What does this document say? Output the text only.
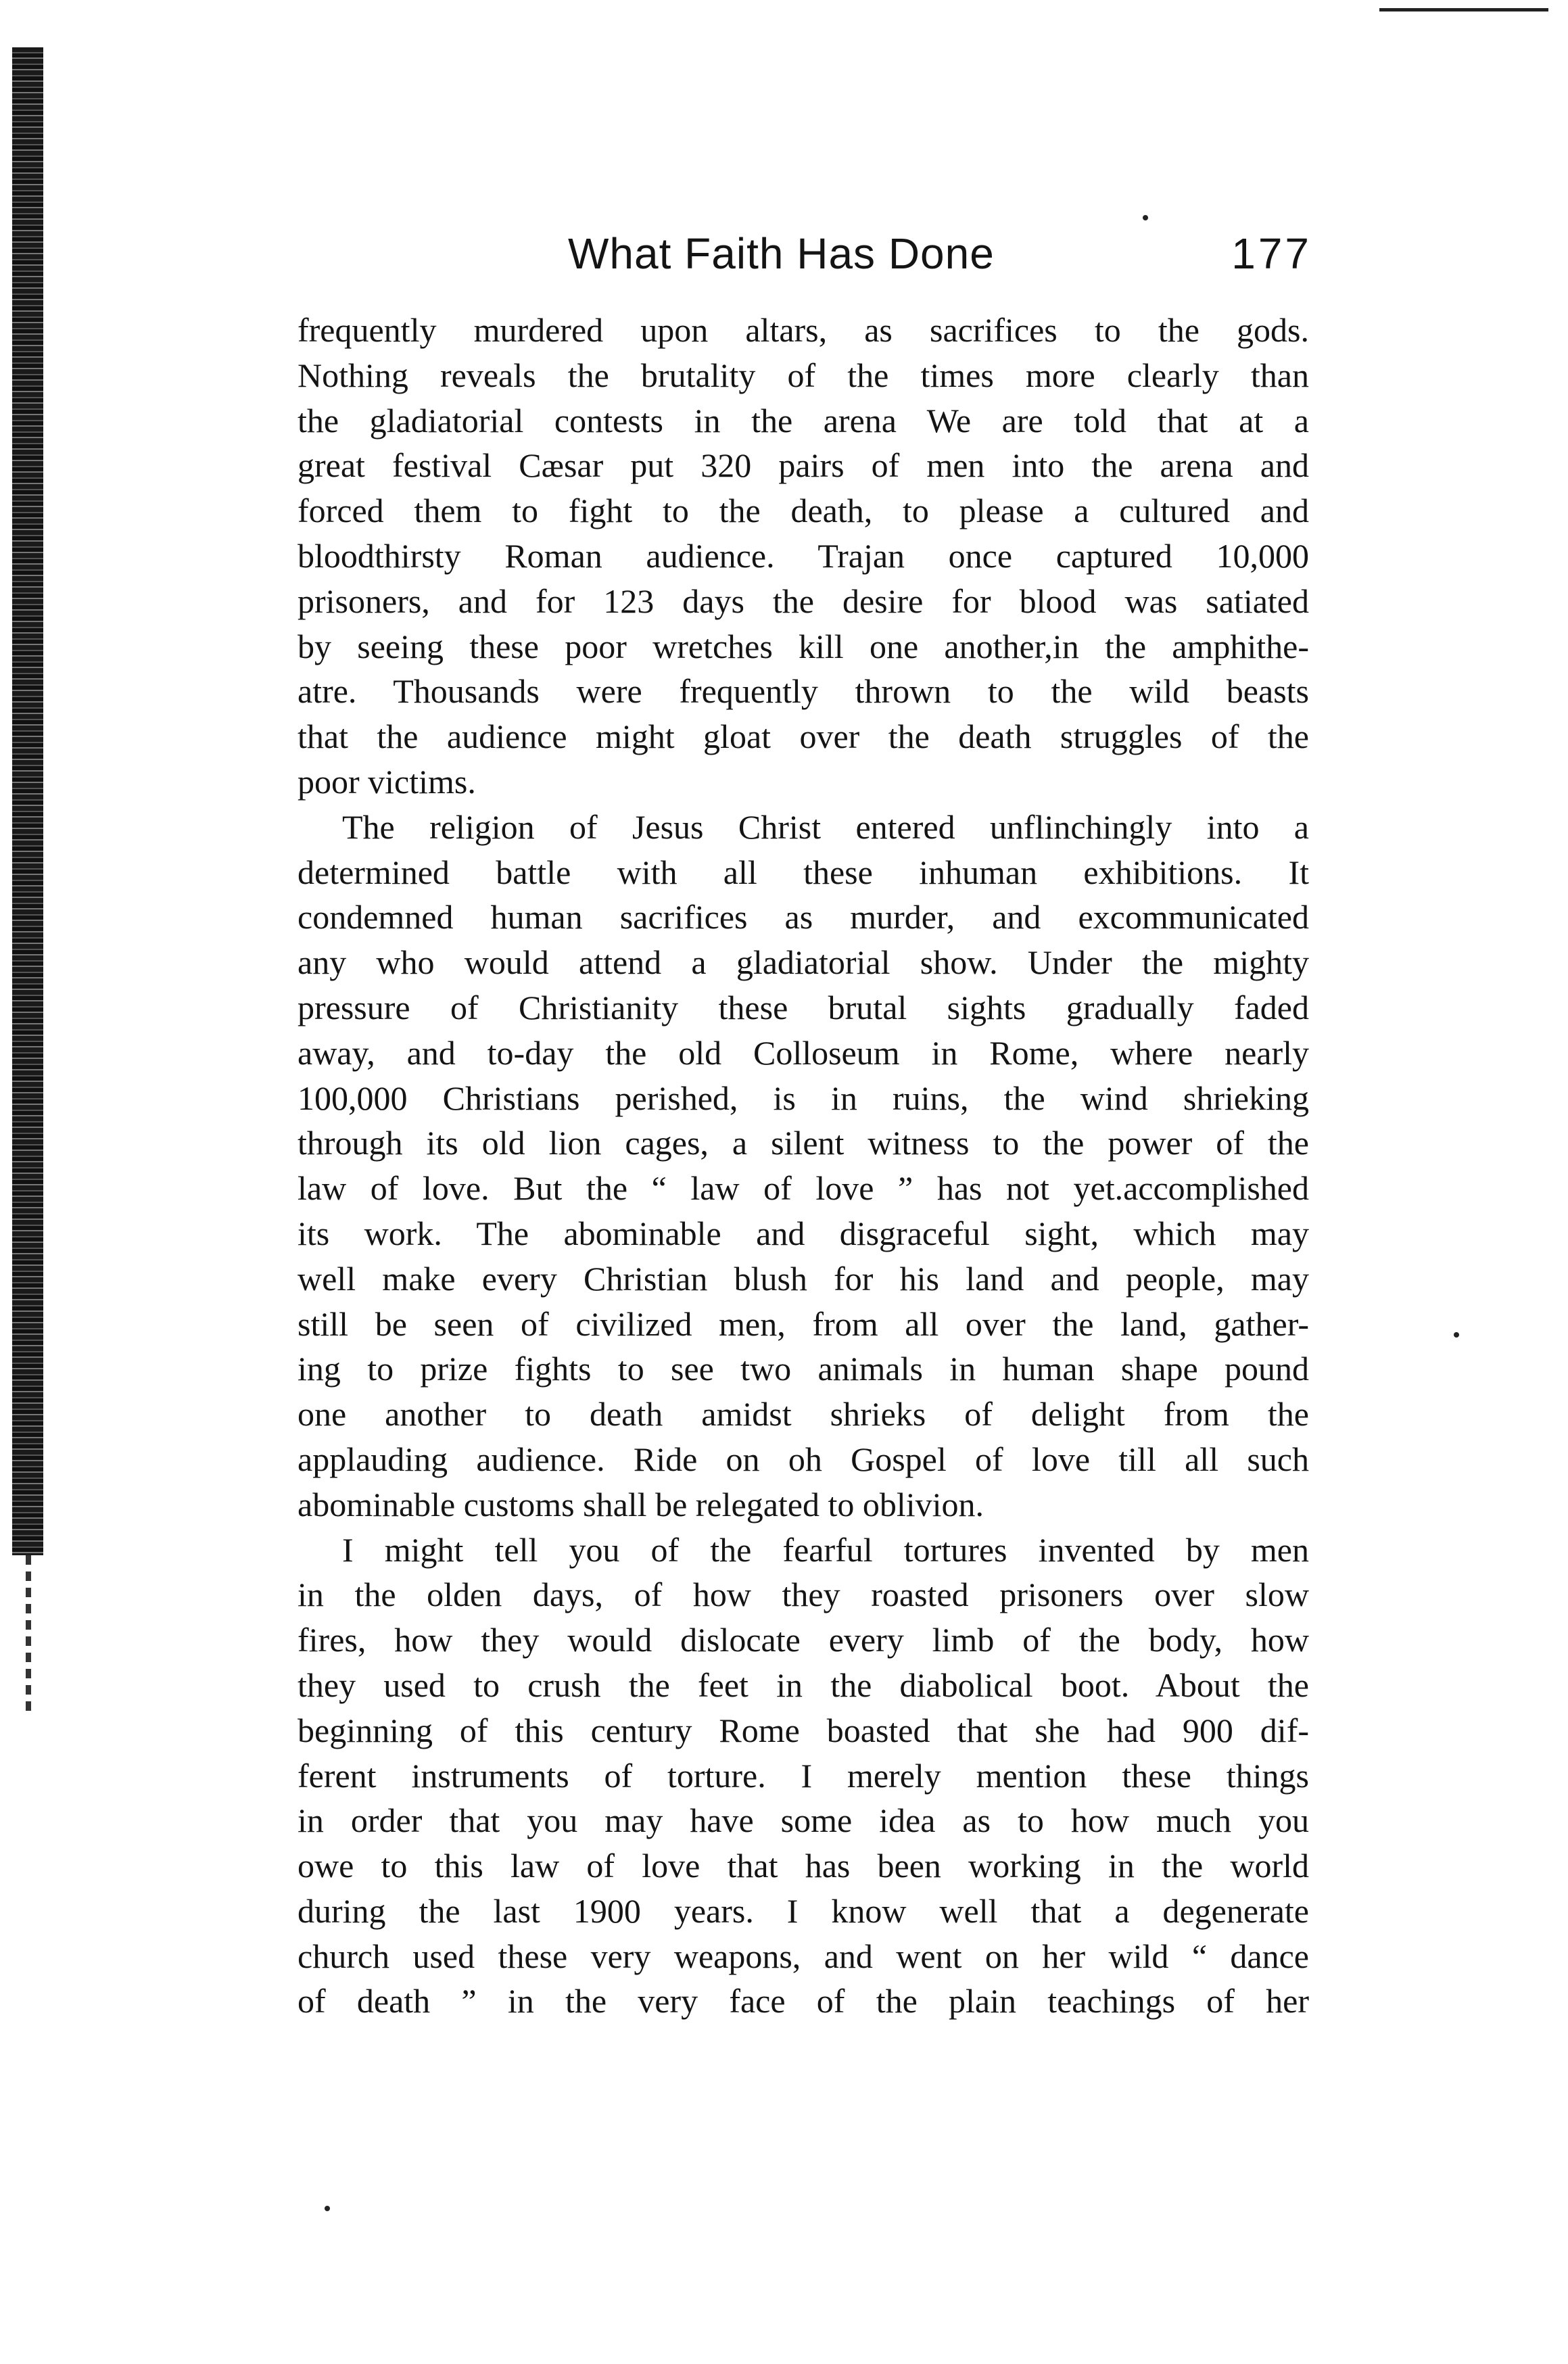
What Faith Has Done	177
frequently murdered upon altars, as sacrifices to the gods.
Nothing reveals the brutality of the times more clearly than
the gladiatorial contests in the arena We are told that at a
great festival Cæsar put 320 pairs of men into the arena and
forced them to fight to the death, to please a cultured and
bloodthirsty Roman audience. Trajan once captured 10,000
prisoners, and for 123 days the desire for blood was satiated
by seeing these poor wretches kill one another,in the amphithe-
atre. Thousands were frequently thrown to the wild beasts
that the audience might gloat over the death struggles of the
poor victims.
The religion of Jesus Christ entered unflinchingly into a
determined battle with all these inhuman exhibitions. It
condemned human sacrifices as murder, and excommunicated
any who would attend a gladiatorial show. Under the mighty
pressure of Christianity these brutal sights gradually faded
away, and to-day the old Colloseum in Rome, where nearly
100,000 Christians perished, is in ruins, the wind shrieking
through its old lion cages, a silent witness to the power of the
law of love. But the “ law of love ” has not yet.accomplished
its work. The abominable and disgraceful sight, which may
well make every Christian blush for his land and people, may
still be seen of civilized men, from all over the land, gather-
ing to prize fights to see two animals in human shape pound
one another to death amidst shrieks of delight from the
applauding audience. Ride on oh Gospel of love till all such
abominable customs shall be relegated to oblivion.
I might tell you of the fearful tortures invented by men
in the olden days, of how they roasted prisoners over slow
fires, how they would dislocate every limb of the body, how
they used to crush the feet in the diabolical boot. About the
beginning of this century Rome boasted that she had 900 dif-
ferent instruments of torture. I merely mention these things
in order that you may have some idea as to how much you
owe to this law of love that has been working in the world
during the last 1900 years. I know well that a degenerate
church used these very weapons, and went on her wild “ dance
of death ” in the very face of the plain teachings of her
